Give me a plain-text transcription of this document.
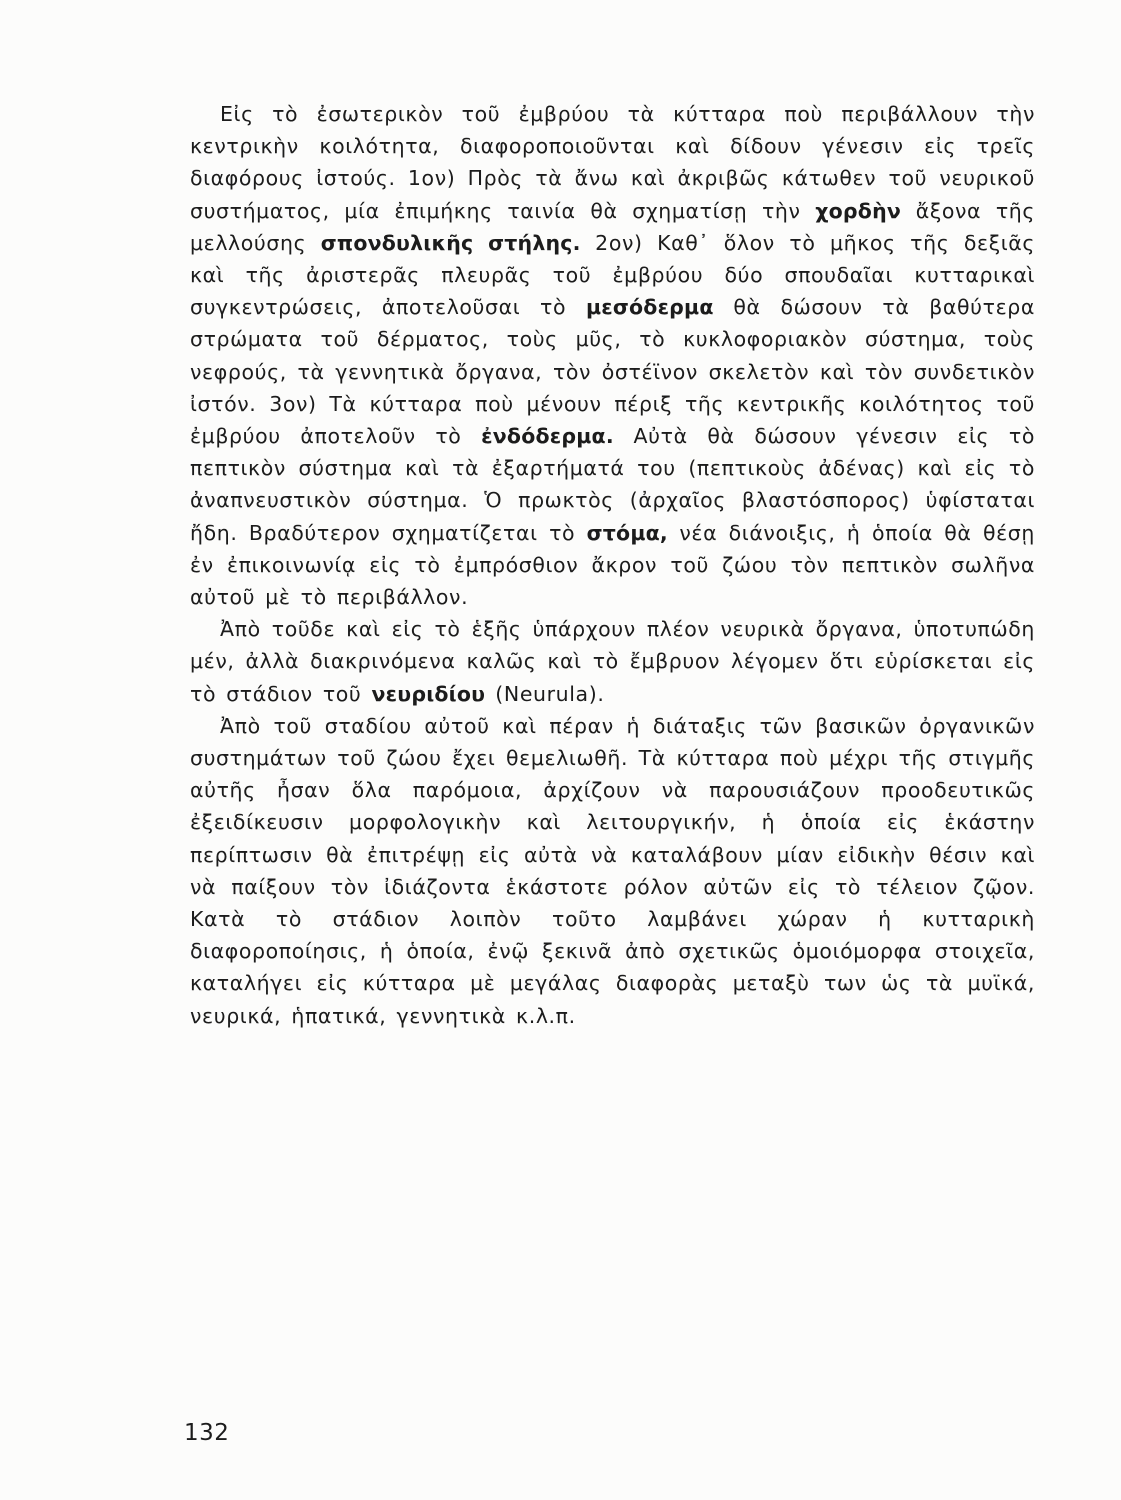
Εἰς τὸ ἐσωτερικὸν τοῦ ἐμβρύου τὰ κύτταρα ποὺ περιβάλλουν τὴν κεντρικὴν κοιλότητα, διαφοροποιοῦνται καὶ δίδουν γένεσιν εἰς τρεῖς διαφόρους ἰστούς. 1ον) Πρὸς τὰ ἄνω καὶ ἀκριβῶς κάτωθεν τοῦ νευρικοῦ συστήματος, μία ἐπιμήκης ταινία θὰ σχηματίσῃ τὴν χορδὴν ἄξονα τῆς μελλούσης σπονδυλικῆς στήλης. 2ον) Καθ᾽ ὅλον τὸ μῆκος τῆς δεξιᾶς καὶ τῆς ἀριστερᾶς πλευρᾶς τοῦ ἐμβρύου δύο σπουδαῖαι κυτταρικαὶ συγκεντρώσεις, ἀποτελοῦσαι τὸ μεσόδερμα θὰ δώσουν τὰ βαθύτερα στρώματα τοῦ δέρματος, τοὺς μῦς, τὸ κυκλοφοριακὸν σύστημα, τοὺς νεφρούς, τὰ γεννητικὰ ὄργανα, τὸν ὀστέϊνον σκελετὸν καὶ τὸν συνδετικὸν ἰστόν. 3ον) Τὰ κύτταρα ποὺ μένουν πέριξ τῆς κεντρικῆς κοιλότητος τοῦ ἐμβρύου ἀποτελοῦν τὸ ἐνδόδερμα. Αὐτὰ θὰ δώσουν γένεσιν εἰς τὸ πεπτικὸν σύστημα καὶ τὰ ἐξαρτήματά του (πεπτικοὺς ἀδένας) καὶ εἰς τὸ ἀναπνευστικὸν σύστημα. Ὁ πρωκτὸς (ἀρχαῖος βλαστόσπορος) ὑφίσταται ἤδη. Βραδύτερον σχηματίζεται τὸ στόμα, νέα διάνοιξις, ἡ ὁποία θὰ θέσῃ ἐν ἐπικοινωνίᾳ εἰς τὸ ἐμπρόσθιον ἄκρον τοῦ ζώου τὸν πεπτικὸν σωλῆνα αὐτοῦ μὲ τὸ περιβάλλον.

Ἀπὸ τοῦδε καὶ εἰς τὸ ἑξῆς ὑπάρχουν πλέον νευρικὰ ὄργανα, ὑποτυπώδη μέν, ἀλλὰ διακρινόμενα καλῶς καὶ τὸ ἔμβρυον λέγομεν ὅτι εὑρίσκεται εἰς τὸ στάδιον τοῦ νευριδίου (Neurula).

Ἀπὸ τοῦ σταδίου αὐτοῦ καὶ πέραν ἡ διάταξις τῶν βασικῶν ὀργανικῶν συστημάτων τοῦ ζώου ἔχει θεμελιωθῆ. Τὰ κύτταρα ποὺ μέχρι τῆς στιγμῆς αὐτῆς ἦσαν ὅλα παρόμοια, ἀρχίζουν νὰ παρουσιάζουν προοδευτικῶς ἐξειδίκευσιν μορφολογικὴν καὶ λειτουργικήν, ἡ ὁποία εἰς ἑκάστην περίπτωσιν θὰ ἐπιτρέψῃ εἰς αὐτὰ νὰ καταλάβουν μίαν εἰδικὴν θέσιν καὶ νὰ παίξουν τὸν ἰδιάζοντα ἑκάστοτε ρόλον αὐτῶν εἰς τὸ τέλειον ζῷον. Κατὰ τὸ στάδιον λοιπὸν τοῦτο λαμβάνει χώραν ἡ κυτταρικὴ διαφοροποίησις, ἡ ὁποία, ἐνῷ ξεκινᾶ ἀπὸ σχετικῶς ὁμοιόμορφα στοιχεῖα, καταλήγει εἰς κύτταρα μὲ μεγάλας διαφορὰς μεταξὺ των ὡς τὰ μυϊκά, νευρικά, ἡπατικά, γεννητικὰ κ.λ.π.

132
